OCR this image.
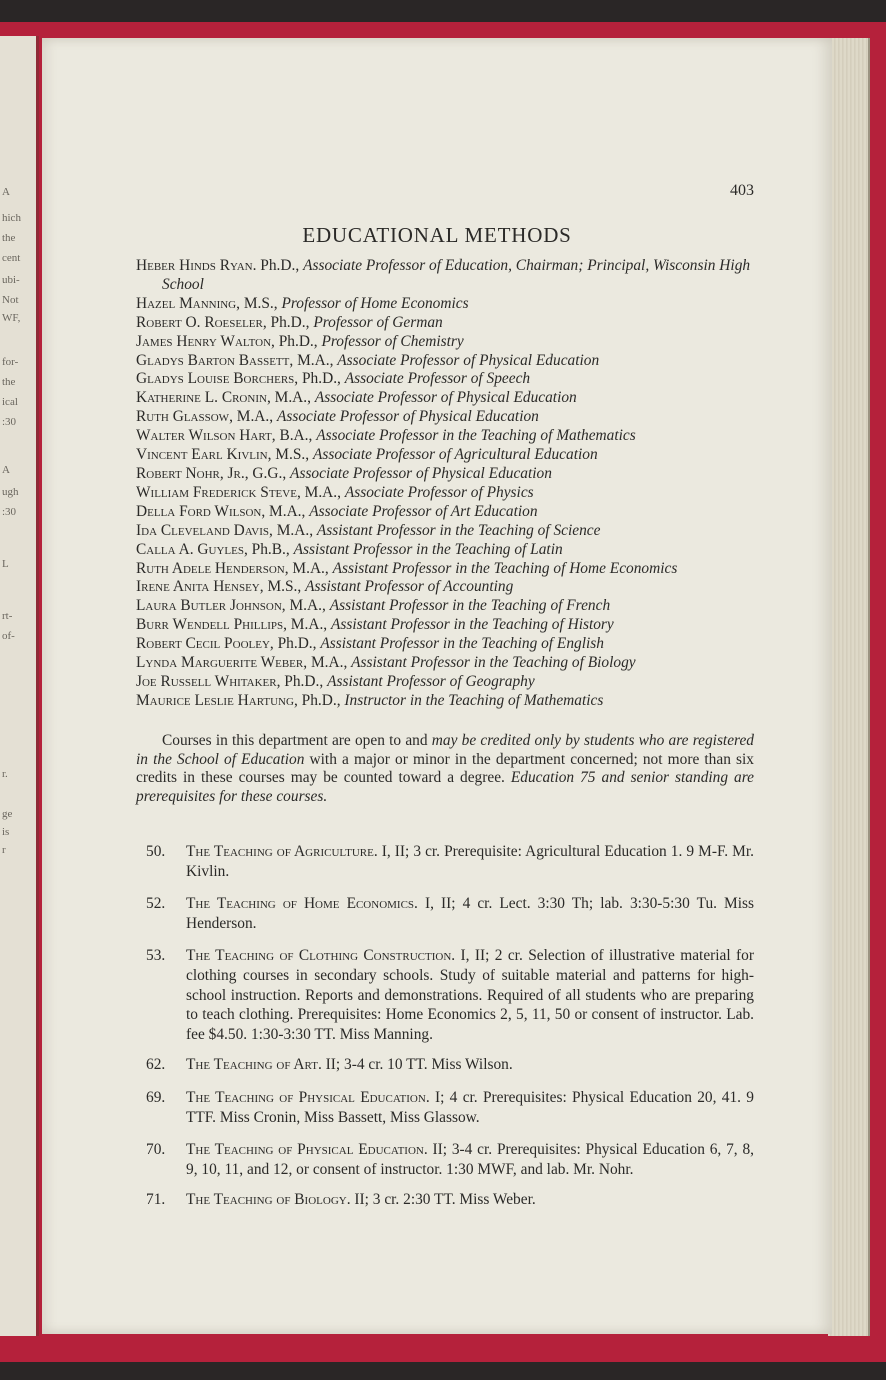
A
hich
the
cent
ubi-
Not
WF,
for-
the
ical
:30
A
ugh
:30
L
rt-
of-
r.
ge
is
r
403
EDUCATIONAL METHODS
Heber Hinds Ryan. Ph.D., Associate Professor of Education, Chairman; Principal, Wisconsin High School
Hazel Manning, M.S., Professor of Home Economics
Robert O. Roeseler, Ph.D., Professor of German
James Henry Walton, Ph.D., Professor of Chemistry
Gladys Barton Bassett, M.A., Associate Professor of Physical Education
Gladys Louise Borchers, Ph.D., Associate Professor of Speech
Katherine L. Cronin, M.A., Associate Professor of Physical Education
Ruth Glassow, M.A., Associate Professor of Physical Education
Walter Wilson Hart, B.A., Associate Professor in the Teaching of Mathematics
Vincent Earl Kivlin, M.S., Associate Professor of Agricultural Education
Robert Nohr, Jr., G.G., Associate Professor of Physical Education
William Frederick Steve, M.A., Associate Professor of Physics
Della Ford Wilson, M.A., Associate Professor of Art Education
Ida Cleveland Davis, M.A., Assistant Professor in the Teaching of Science
Calla A. Guyles, Ph.B., Assistant Professor in the Teaching of Latin
Ruth Adele Henderson, M.A., Assistant Professor in the Teaching of Home Economics
Irene Anita Hensey, M.S., Assistant Professor of Accounting
Laura Butler Johnson, M.A., Assistant Professor in the Teaching of French
Burr Wendell Phillips, M.A., Assistant Professor in the Teaching of History
Robert Cecil Pooley, Ph.D., Assistant Professor in the Teaching of English
Lynda Marguerite Weber, M.A., Assistant Professor in the Teaching of Biology
Joe Russell Whitaker, Ph.D., Assistant Professor of Geography
Maurice Leslie Hartung, Ph.D., Instructor in the Teaching of Mathematics

Courses in this department are open to and may be credited only by students who are registered in the School of Education with a major or minor in the department concerned; not more than six credits in these courses may be counted toward a degree. Education 75 and senior standing are prerequisites for these courses.

50. The Teaching of Agriculture. I, II; 3 cr. Prerequisite: Agricultural Education 1. 9 M-F. Mr. Kivlin.
52. The Teaching of Home Economics. I, II; 4 cr. Lect. 3:30 Th; lab. 3:30-5:30 Tu. Miss Henderson.
53. The Teaching of Clothing Construction. I, II; 2 cr. Selection of illustrative material for clothing courses in secondary schools. Study of suitable material and patterns for high-school instruction. Reports and demonstrations. Required of all students who are preparing to teach clothing. Prerequisites: Home Economics 2, 5, 11, 50 or consent of instructor. Lab. fee $4.50. 1:30-3:30 TT. Miss Manning.
62. The Teaching of Art. II; 3-4 cr. 10 TT. Miss Wilson.
69. The Teaching of Physical Education. I; 4 cr. Prerequisites: Physical Education 20, 41. 9 TTF. Miss Cronin, Miss Bassett, Miss Glassow.
70. The Teaching of Physical Education. II; 3-4 cr. Prerequisites: Physical Education 6, 7, 8, 9, 10, 11, and 12, or consent of instructor. 1:30 MWF, and lab. Mr. Nohr.
71. The Teaching of Biology. II; 3 cr. 2:30 TT. Miss Weber.
